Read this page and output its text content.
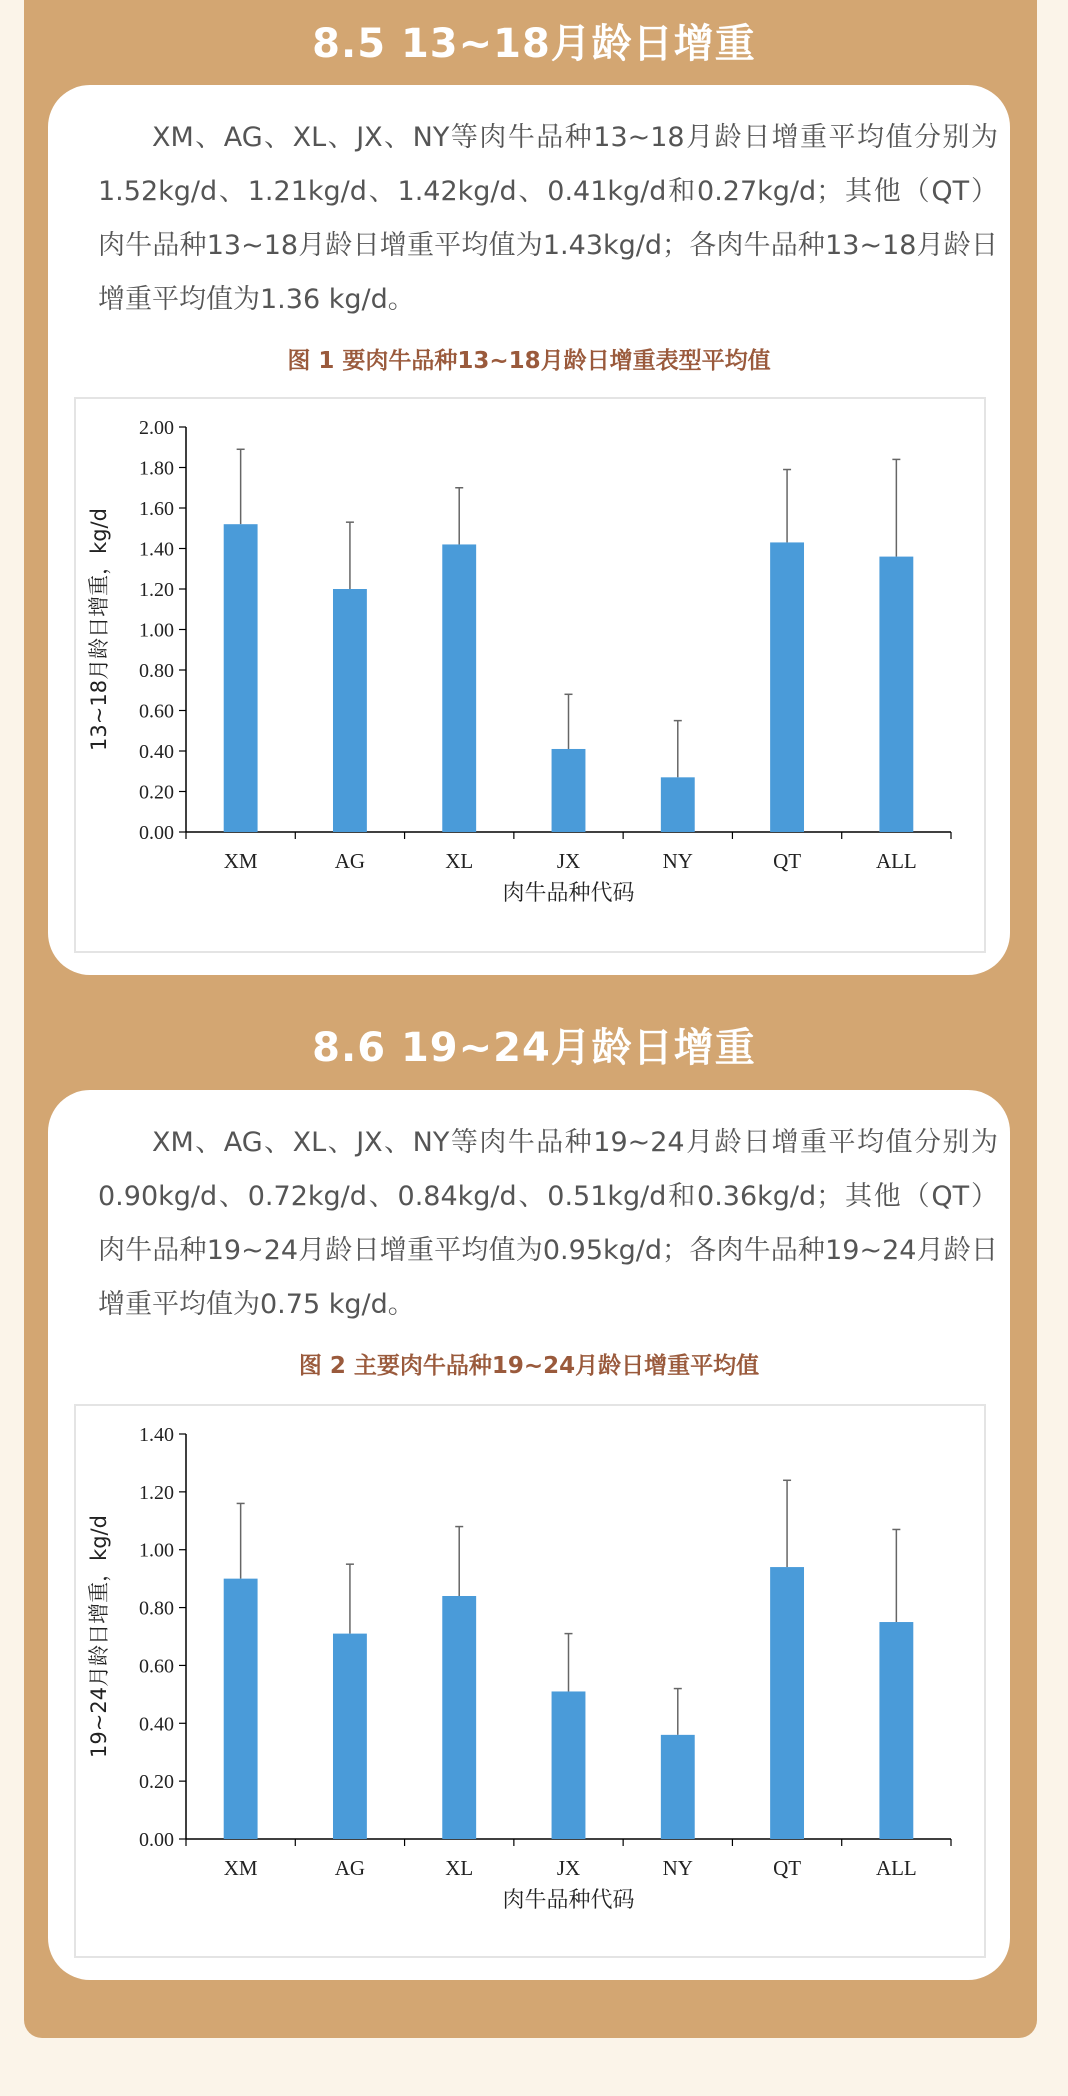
8.5 13~18月龄日增重
XM、AG、XL、JX、NY等肉牛品种13~18月龄日增重平均值分别为1.52kg/d、1.21kg/d、1.42kg/d、0.41kg/d和0.27kg/d；其他（QT）肉牛品种13~18月龄日增重平均值为1.43kg/d；各肉牛品种13~18月龄日增重平均值为1.36 kg/d。
图 1 要肉牛品种13~18月龄日增重表型平均值
0.00
0.20
0.40
0.60
0.80
1.00
1.20
1.40
1.60
1.80
2.00
XM	AG	XL	JX	NY	QT	ALL
肉牛品种代码
13~18月龄日增重，kg/d
8.6 19~24月龄日增重
XM、AG、XL、JX、NY等肉牛品种19~24月龄日增重平均值分别为0.90kg/d、0.72kg/d、0.84kg/d、0.51kg/d和0.36kg/d；其他（QT）肉牛品种19~24月龄日增重平均值为0.95kg/d；各肉牛品种19~24月龄日增重平均值为0.75 kg/d。
图 2 主要肉牛品种19~24月龄日增重平均值
0.00
0.20
0.40
0.60
0.80
1.00
1.20
1.40
XM	AG	XL	JX	NY	QT	ALL
肉牛品种代码
19~24月龄日增重，kg/d
